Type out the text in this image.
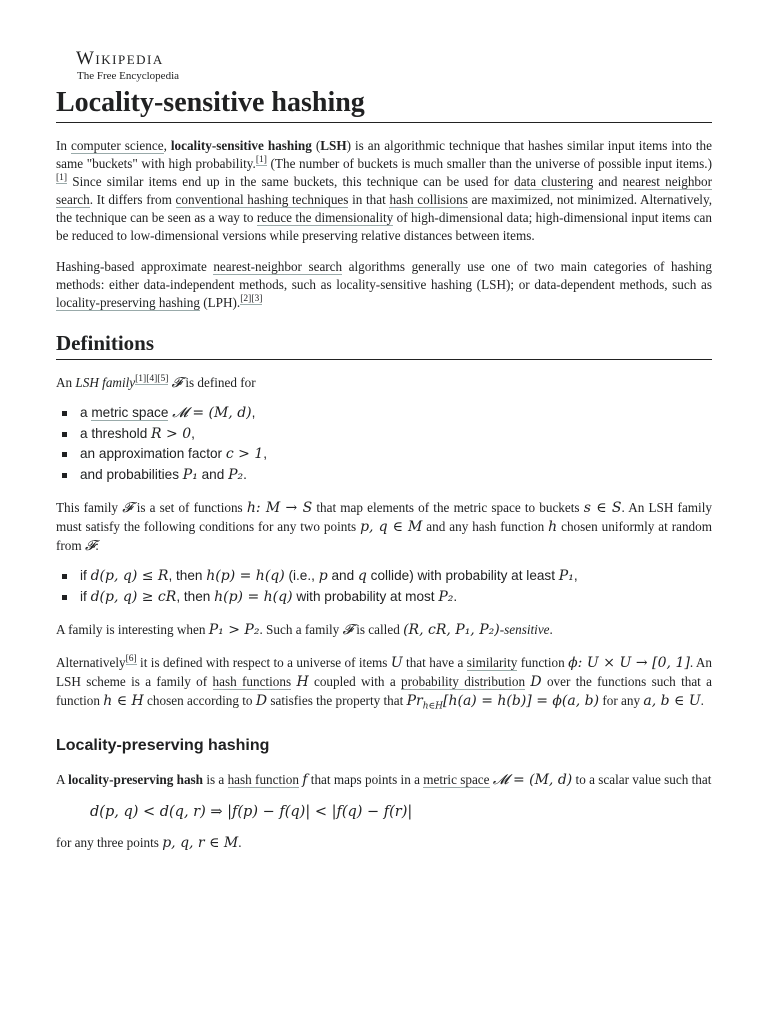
Wikipedia
The Free Encyclopedia
Locality-sensitive hashing

In computer science, locality-sensitive hashing (LSH) is an algorithmic technique that hashes similar input items into the same "buckets" with high probability.[1] (The number of buckets is much smaller than the universe of possible input items.)[1] Since similar items end up in the same buckets, this technique can be used for data clustering and nearest neighbor search. It differs from conventional hashing techniques in that hash collisions are maximized, not minimized. Alternatively, the technique can be seen as a way to reduce the dimensionality of high-dimensional data; high-dimensional input items can be reduced to low-dimensional versions while preserving relative distances between items.

Hashing-based approximate nearest-neighbor search algorithms generally use one of two main categories of hashing methods: either data-independent methods, such as locality-sensitive hashing (LSH); or data-dependent methods, such as locality-preserving hashing (LPH).[2][3]

Definitions

An LSH family[1][4][5] 𝓕 is defined for

a metric space 𝓜 = (M, d),
a threshold R > 0,
an approximation factor c > 1,
and probabilities P₁ and P₂.

This family 𝓕 is a set of functions h: M → S that map elements of the metric space to buckets s ∈ S. An LSH family must satisfy the following conditions for any two points p, q ∈ M and any hash function h chosen uniformly at random from 𝓕:

if d(p, q) ≤ R, then h(p) = h(q) (i.e., p and q collide) with probability at least P₁,
if d(p, q) ≥ cR, then h(p) = h(q) with probability at most P₂.

A family is interesting when P₁ > P₂. Such a family 𝓕 is called (R, cR, P₁, P₂)-sensitive.

Alternatively[6] it is defined with respect to a universe of items U that have a similarity function ϕ: U × U → [0, 1]. An LSH scheme is a family of hash functions H coupled with a probability distribution D over the functions such that a function h ∈ H chosen according to D satisfies the property that $Pr_{h\in H}[h(a) = h(b)] = \phi(a$, b) for any a, b ∈ U.

Locality-preserving hashing

A locality-preserving hash is a hash function f that maps points in a metric space 𝓜 = (M, d) to a scalar value such that

d(p, q) < d(q, r) ⇒ |f(p) − f(q)| < |f(q) − f(r)|

for any three points p, q, r ∈ M.
